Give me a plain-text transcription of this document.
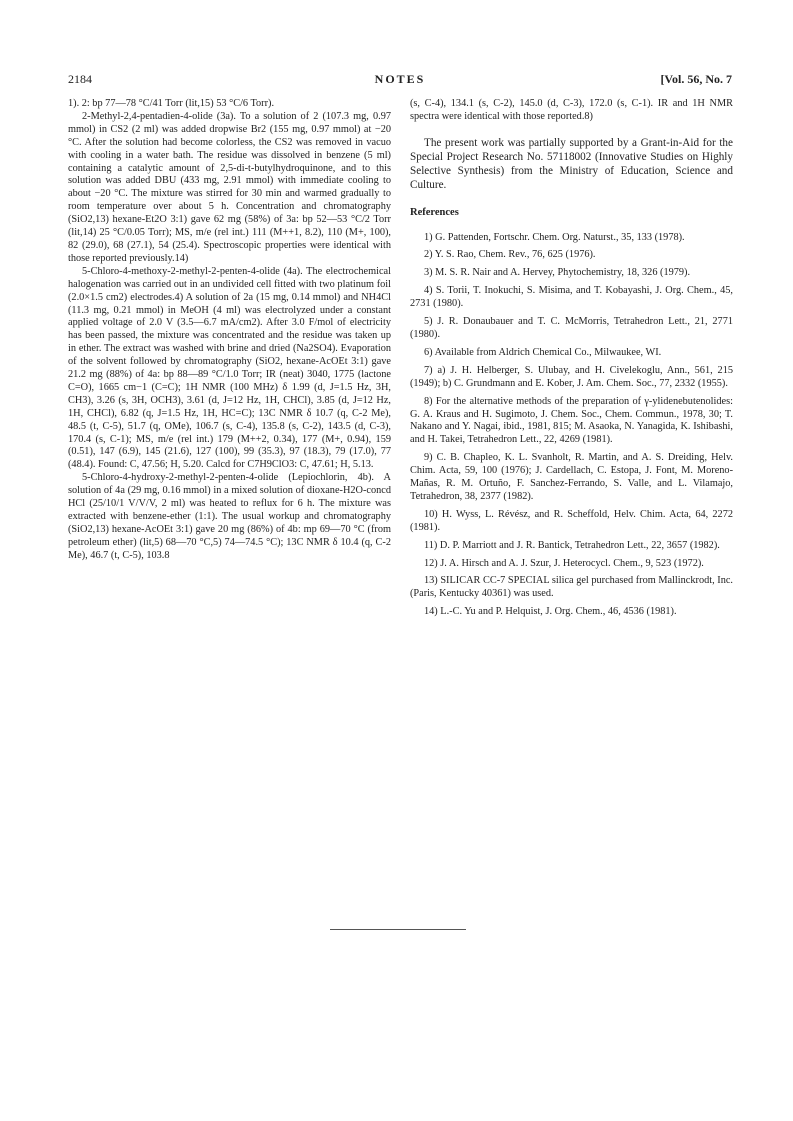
2184	NOTES	[Vol. 56, No. 7

1). 2: bp 77—78 °C/41 Torr (lit,15) 53 °C/6 Torr).

2-Methyl-2,4-pentadien-4-olide (3a). To a solution of 2 (107.3 mg, 0.97 mmol) in CS2 (2 ml) was added dropwise Br2 (155 mg, 0.97 mmol) at −20 °C. After the solution had become colorless, the CS2 was removed in vacuo with cooling in a water bath. The residue was dissolved in benzene (5 ml) containing a catalytic amount of 2,5-di-t-butylhydroquinone, and to this solution was added DBU (433 mg, 2.91 mmol) with immediate cooling to about −20 °C. The mixture was stirred for 30 min and warmed gradually to room temperature over about 5 h. Concentration and chromatography (SiO2,13) hexane-Et2O 3:1) gave 62 mg (58%) of 3a: bp 52—53 °C/2 Torr (lit,14) 25 °C/0.05 Torr); MS, m/e (rel int.) 111 (M++1, 8.2), 110 (M+, 100), 82 (29.0), 68 (27.1), 54 (25.4). Spectroscopic properties were identical with those reported previously.14)

5-Chloro-4-methoxy-2-methyl-2-penten-4-olide (4a). The electrochemical halogenation was carried out in an undivided cell fitted with two platinum foil (2.0×1.5 cm2) electrodes.4) A solution of 2a (15 mg, 0.14 mmol) and NH4Cl (11.3 mg, 0.21 mmol) in MeOH (4 ml) was electrolyzed under a constant applied voltage of 2.0 V (3.5—6.7 mA/cm2). After 3.0 F/mol of electricity has been passed, the mixture was concentrated and the residue was taken up in ether. The extract was washed with brine and dried (Na2SO4). Evaporation of the solvent followed by chromatography (SiO2, hexane-AcOEt 3:1) gave 21.2 mg (88%) of 4a: bp 88—89 °C/1.0 Torr; IR (neat) 3040, 1775 (lactone C=O), 1665 cm−1 (C=C); 1H NMR (100 MHz) δ 1.99 (d, J=1.5 Hz, 3H, CH3), 3.26 (s, 3H, OCH3), 3.61 (d, J=12 Hz, 1H, CHCl), 3.85 (d, J=12 Hz, 1H, CHCl), 6.82 (q, J=1.5 Hz, 1H, HC=C); 13C NMR δ 10.7 (q, C-2 Me), 48.5 (t, C-5), 51.7 (q, OMe), 106.7 (s, C-4), 135.8 (s, C-2), 143.5 (d, C-3), 170.4 (s, C-1); MS, m/e (rel int.) 179 (M++2, 0.34), 177 (M+, 0.94), 159 (0.51), 147 (6.9), 145 (21.6), 127 (100), 99 (35.3), 97 (18.3), 79 (17.0), 77 (48.4). Found: C, 47.56; H, 5.20. Calcd for C7H9ClO3: C, 47.61; H, 5.13.

5-Chloro-4-hydroxy-2-methyl-2-penten-4-olide (Lepiochlorin, 4b). A solution of 4a (29 mg, 0.16 mmol) in a mixed solution of dioxane-H2O-concd HCl (25/10/1 V/V/V, 2 ml) was heated to reflux for 6 h. The mixture was extracted with benzene-ether (1:1). The usual workup and chromatography (SiO2,13) hexane-AcOEt 3:1) gave 20 mg (86%) of 4b: mp 69—70 °C (from petroleum ether) (lit,5) 68—70 °C,5) 74—74.5 °C); 13C NMR δ 10.4 (q, C-2 Me), 46.7 (t, C-5), 103.8

(s, C-4), 134.1 (s, C-2), 145.0 (d, C-3), 172.0 (s, C-1). IR and 1H NMR spectra were identical with those reported.8)

The present work was partially supported by a Grant-in-Aid for the Special Project Research No. 57118002 (Innovative Studies on Highly Selective Synthesis) from the Ministry of Education, Science and Culture.

References

1) G. Pattenden, Fortschr. Chem. Org. Naturst., 35, 133 (1978).

2) Y. S. Rao, Chem. Rev., 76, 625 (1976).

3) M. S. R. Nair and A. Hervey, Phytochemistry, 18, 326 (1979).

4) S. Torii, T. Inokuchi, S. Misima, and T. Kobayashi, J. Org. Chem., 45, 2731 (1980).

5) J. R. Donaubauer and T. C. McMorris, Tetrahedron Lett., 21, 2771 (1980).

6) Available from Aldrich Chemical Co., Milwaukee, WI.

7) a) J. H. Helberger, S. Ulubay, and H. Civelekoglu, Ann., 561, 215 (1949); b) C. Grundmann and E. Kober, J. Am. Chem. Soc., 77, 2332 (1955).

8) For the alternative methods of the preparation of γ-ylidenebutenolides: G. A. Kraus and H. Sugimoto, J. Chem. Soc., Chem. Commun., 1978, 30; T. Nakano and Y. Nagai, ibid., 1981, 815; M. Asaoka, N. Yanagida, K. Ishibashi, and H. Takei, Tetrahedron Lett., 22, 4269 (1981).

9) C. B. Chapleo, K. L. Svanholt, R. Martin, and A. S. Dreiding, Helv. Chim. Acta, 59, 100 (1976); J. Cardellach, C. Estopa, J. Font, M. Moreno-Mañas, R. M. Ortuño, F. Sanchez-Ferrando, S. Valle, and L. Vilamajo, Tetrahedron, 38, 2377 (1982).

10) H. Wyss, L. Révész, and R. Scheffold, Helv. Chim. Acta, 64, 2272 (1981).

11) D. P. Marriott and J. R. Bantick, Tetrahedron Lett., 22, 3657 (1982).

12) J. A. Hirsch and A. J. Szur, J. Heterocycl. Chem., 9, 523 (1972).

13) SILICAR CC-7 SPECIAL silica gel purchased from Mallinckrodt, Inc. (Paris, Kentucky 40361) was used.

14) L.-C. Yu and P. Helquist, J. Org. Chem., 46, 4536 (1981).
